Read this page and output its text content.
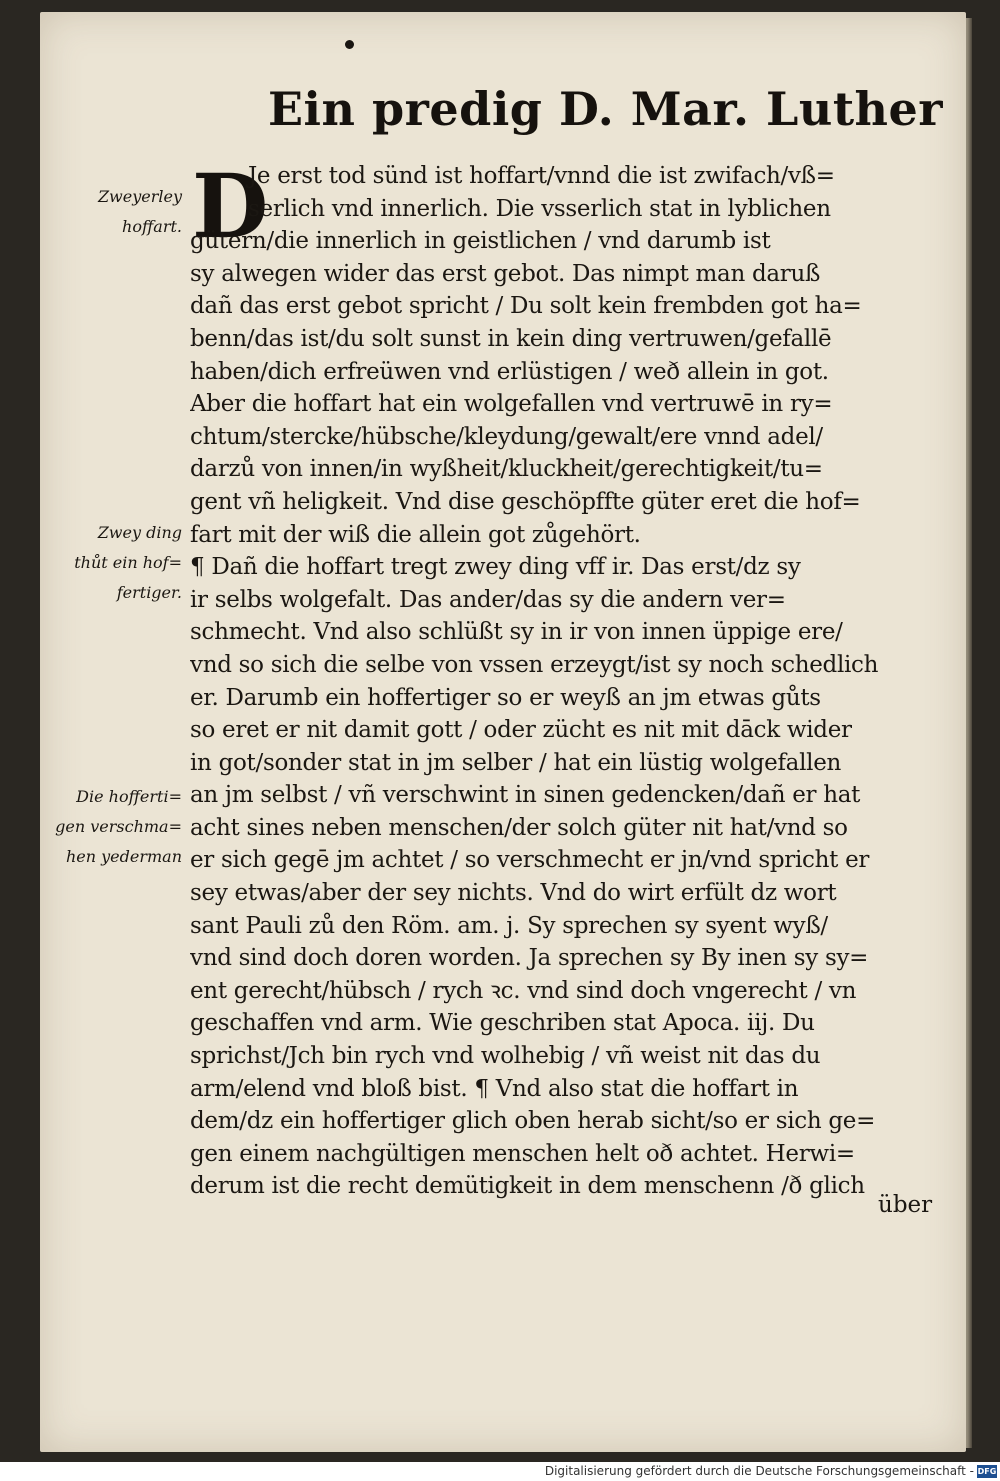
Ein predig D. Mar. Luther
D
Zweyerley
hoffart.
Zwey ding
thůt ein hof=
fertiger.
Die hofferti=
gen verschma=
hen yederman
Je erst tod sünd ist hoffart/vnnd die ist zwifach/vß=
serlich vnd innerlich. Die vsserlich stat in lyblichen
gütern/die innerlich in geistlichen / vnd darumb ist
sy alwegen wider das erst gebot. Das nimpt man daruß
dañ das erst gebot spricht / Du solt kein frembden got ha=
benn/das ist/du solt sunst in kein ding vertruwen/gefallē
haben/dich erfreüwen vnd erlüstigen / weð allein in got.
Aber die hoffart hat ein wolgefallen vnd vertruwē in ry=
chtum/stercke/hübsche/kleydung/gewalt/ere vnnd adel/
darzů von innen/in wyßheit/kluckheit/gerechtigkeit/tu=
gent vñ heligkeit. Vnd dise geschöpffte güter eret die hof=
fart mit der wiß die allein got zůgehört.
¶ Dañ die hoffart tregt zwey ding vff ir. Das erst/dz sy
ir selbs wolgefalt. Das ander/das sy die andern ver=
schmecht. Vnd also schlüßt sy in ir von innen üppige ere/
vnd so sich die selbe von vssen erzeygt/ist sy noch schedlich
er. Darumb ein hoffertiger so er weyß an jm etwas gůts
so eret er nit damit gott / oder zücht es nit mit dāck wider
in got/sonder stat in jm selber / hat ein lüstig wolgefallen
an jm selbst / vñ verschwint in sinen gedencken/dañ er hat
acht sines neben menschen/der solch güter nit hat/vnd so
er sich gegē jm achtet / so verschmecht er jn/vnd spricht er
sey etwas/aber der sey nichts. Vnd do wirt erfült dz wort
sant Pauli zů den Röm. am. j. Sy sprechen sy syent wyß/
vnd sind doch doren worden. Ja sprechen sy By inen sy sy=
ent gerecht/hübsch / rych ꝛc. vnd sind doch vngerecht / vn
geschaffen vnd arm. Wie geschriben stat Apoca. iij. Du
sprichst/Jch bin rych vnd wolhebig / vñ weist nit das du
arm/elend vnd bloß bist. ¶ Vnd also stat die hoffart in
dem/dz ein hoffertiger glich oben herab sicht/so er sich ge=
gen einem nachgültigen menschen helt oð achtet. Herwi=
derum ist die recht demütigkeit in dem menschenn /ð glich
über
Digitalisierung gefördert durch die Deutsche Forschungsgemeinschaft - DFG
